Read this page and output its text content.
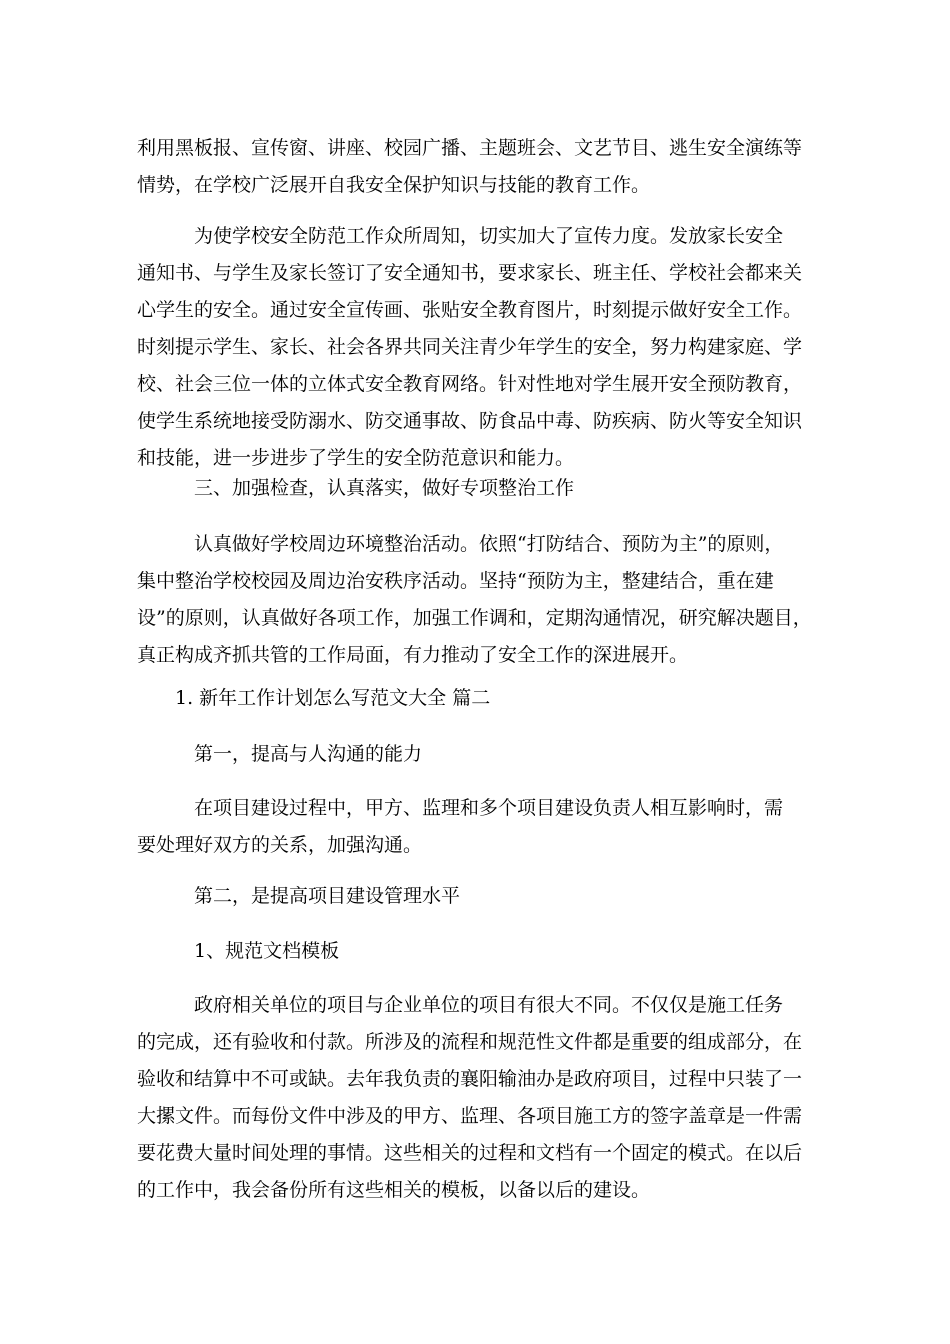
利用黑板报、宣传窗、讲座、校园广播、主题班会、文艺节目、逃生安全演练等
情势，在学校广泛展开自我安全保护知识与技能的教育工作。

　　　为使学校安全防范工作众所周知，切实加大了宣传力度。发放家长安全
通知书、与学生及家长签订了安全通知书，要求家长、班主任、学校社会都来关
心学生的安全。通过安全宣传画、张贴安全教育图片，时刻提示做好安全工作。
时刻提示学生、家长、社会各界共同关注青少年学生的安全，努力构建家庭、学
校、社会三位一体的立体式安全教育网络。针对性地对学生展开安全预防教育，
使学生系统地接受防溺水、防交通事故、防食品中毒、防疾病、防火等安全知识
和技能，进一步进步了学生的安全防范意识和能力。

　　　三、加强检查，认真落实，做好专项整治工作

　　　认真做好学校周边环境整治活动。依照“打防结合、预防为主”的原则，
集中整治学校校园及周边治安秩序活动。坚持“预防为主，整建结合，重在建
设”的原则，认真做好各项工作，加强工作调和，定期沟通情况，研究解决题目，
真正构成齐抓共管的工作局面，有力推动了安全工作的深进展开。

　　1. 新年工作计划怎么写范文大全 篇二

　　　第一，提高与人沟通的能力

　　　在项目建设过程中，甲方、监理和多个项目建设负责人相互影响时，需
要处理好双方的关系，加强沟通。

　　　第二，是提高项目建设管理水平

　　　1、规范文档模板

　　　政府相关单位的项目与企业单位的项目有很大不同。不仅仅是施工任务
的完成，还有验收和付款。所涉及的流程和规范性文件都是重要的组成部分，在
验收和结算中不可或缺。去年我负责的襄阳输油办是政府项目，过程中只装了一
大摞文件。而每份文件中涉及的甲方、监理、各项目施工方的签字盖章是一件需
要花费大量时间处理的事情。这些相关的过程和文档有一个固定的模式。在以后
的工作中，我会备份所有这些相关的模板，以备以后的建设。
